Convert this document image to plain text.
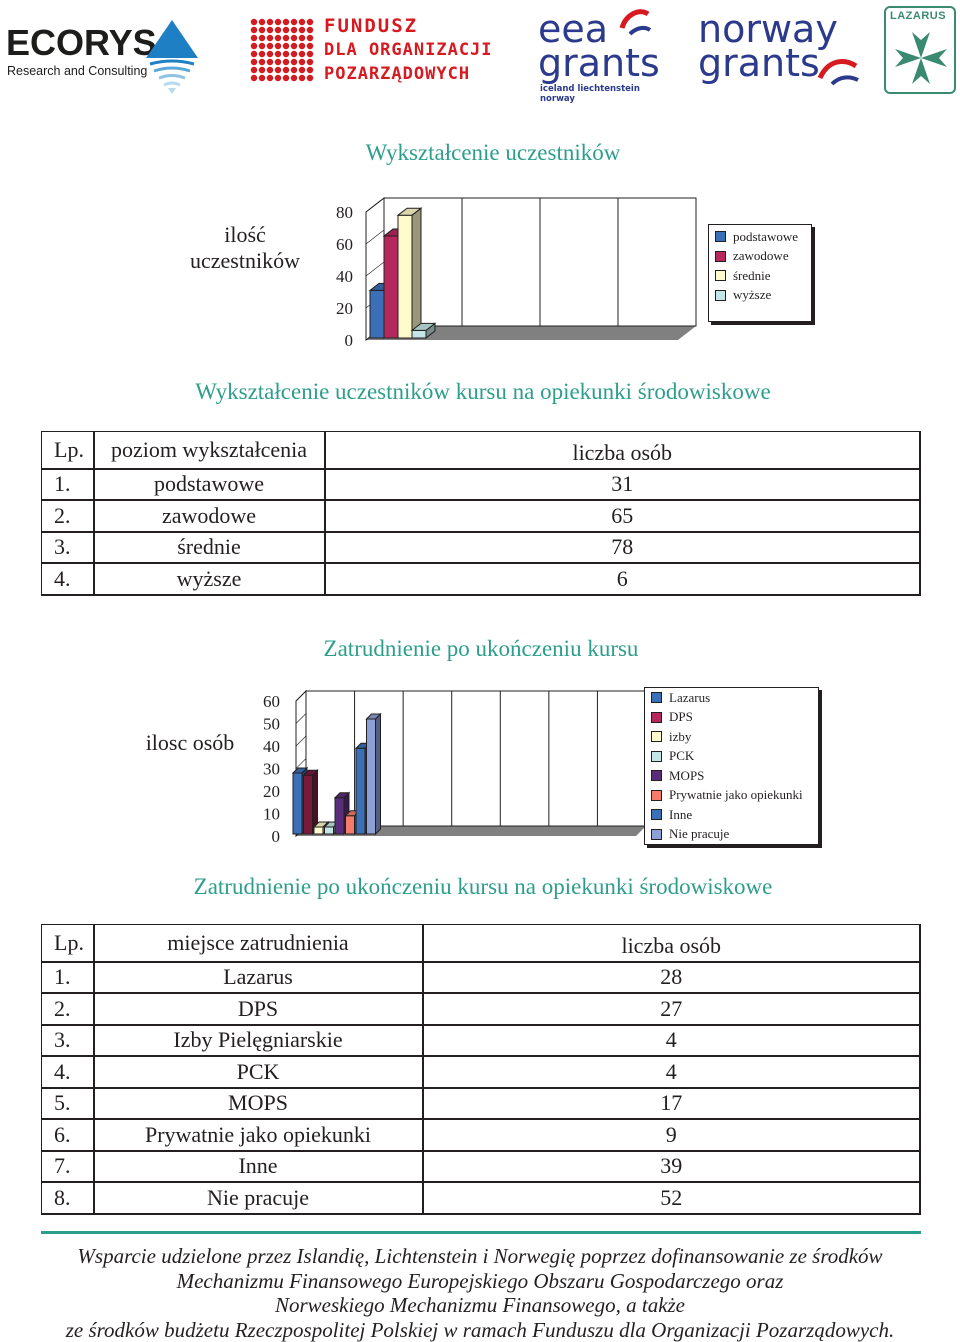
ECORYS
Research and Consulting
FUNDUSZ
DLA ORGANIZACJI
POZARZĄDOWYCH
eea
grants
iceland liechtenstein norway
norway
grants
LAZARUS
Wykształcenie uczestników
ilość
uczestników
0
20
40
60
80
podstawowe
zawodowe
średnie
wyższe
Wykształcenie uczestników kursu na opiekunki środowiskowe
Lp.	poziom wykształcenia	liczba osób
1.	podstawowe	31
2.	zawodowe	65
3.	średnie	78
4.	wyższe	6
Zatrudnienie po ukończeniu kursu
ilosc osób
0
10
20
30
40
50
60	Lazarus
DPS
izby
PCK
MOPS
Prywatnie jako opiekunki
Inne
Nie pracuje
Zatrudnienie po ukończeniu kursu na opiekunki środowiskowe
Lp.	miejsce zatrudnienia	liczba osób
1.	Lazarus	28
2.	DPS	27
3.	Izby Pielęgniarskie	4
4.	PCK	4
5.	MOPS	17
6.	Prywatnie jako opiekunki	9
7.	Inne	39
8.	Nie pracuje	52
Wsparcie udzielone przez Islandię, Lichtenstein i Norwegię poprzez dofinansowanie ze środków
Mechanizmu Finansowego Europejskiego Obszaru Gospodarczego oraz
Norweskiego Mechanizmu Finansowego, a także
ze środków budżetu Rzeczpospolitej Polskiej w ramach Funduszu dla Organizacji Pozarządowych.
